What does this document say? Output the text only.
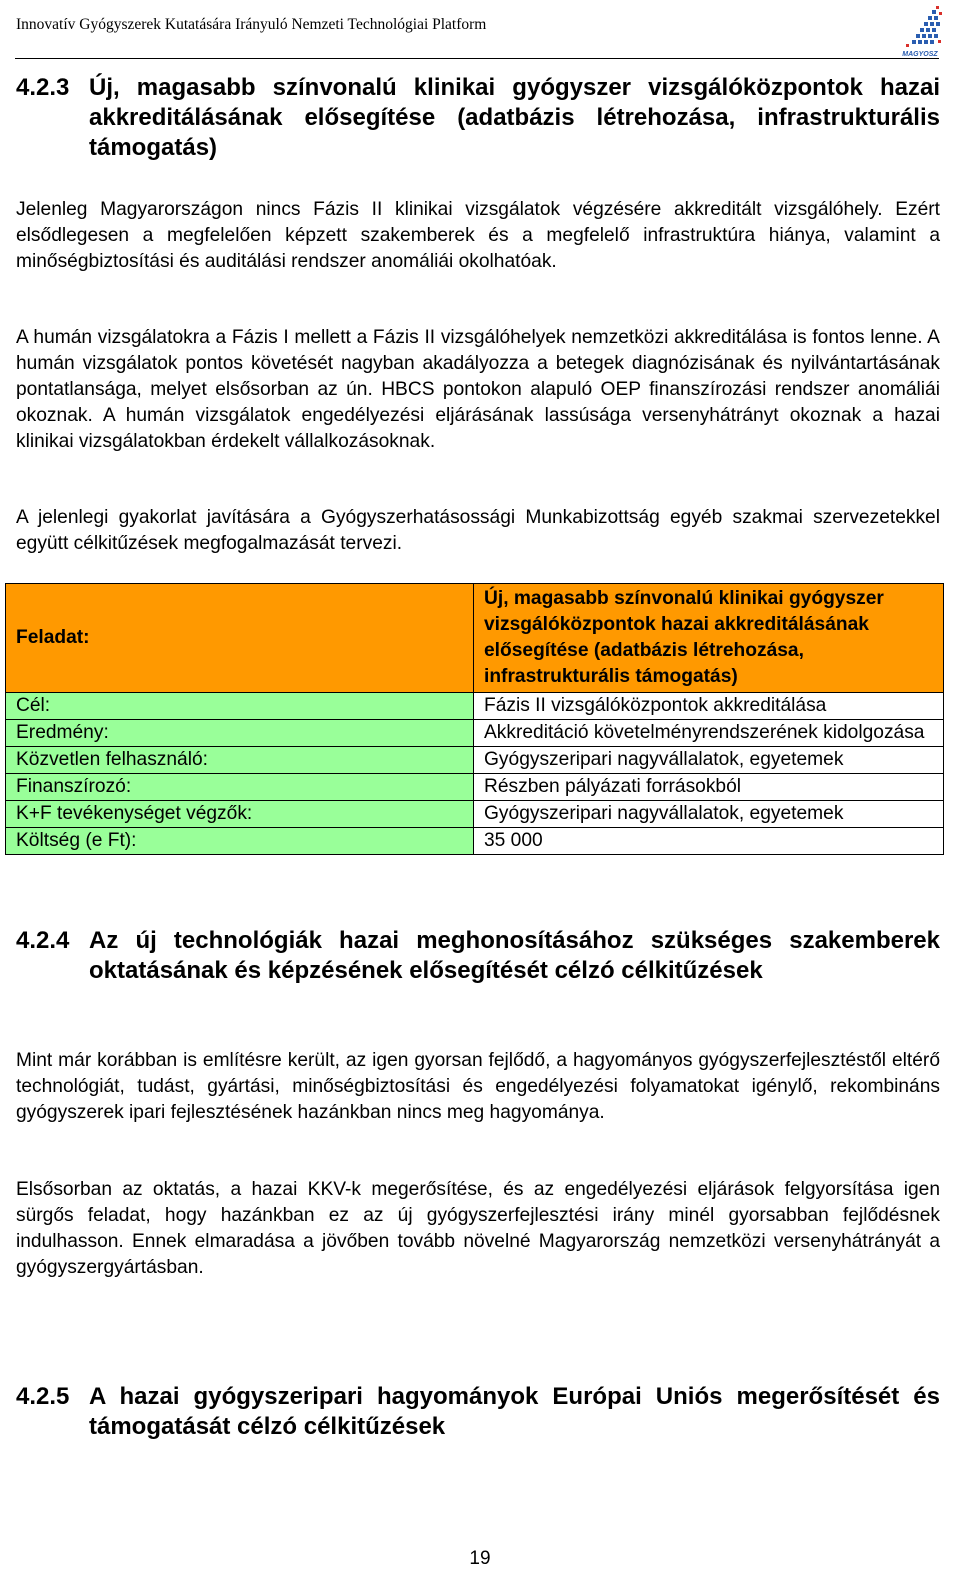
Innovatív Gyógyszerek Kutatására Irányuló Nemzeti Technológiai Platform
MAGYOSZ
4.2.3 Új, magasabb színvonalú klinikai gyógyszer vizsgálóközpontok hazai akkreditálásának elősegítése (adatbázis létrehozása, infrastrukturális támogatás)

Jelenleg Magyarországon nincs Fázis II klinikai vizsgálatok végzésére akkreditált vizsgálóhely. Ezért elsődlegesen a megfelelően képzett szakemberek és a megfelelő infrastruktúra hiánya, valamint a minőségbiztosítási és auditálási rendszer anomáliái okolhatóak.

A humán vizsgálatokra a Fázis I mellett a Fázis II vizsgálóhelyek nemzetközi akkreditálása is fontos lenne. A humán vizsgálatok pontos követését nagyban akadályozza a betegek diagnózisának és nyilvántartásának pontatlansága, melyet elsősorban az ún. HBCS pontokon alapuló OEP finanszírozási rendszer anomáliái okoznak. A humán vizsgálatok engedélyezési eljárásának lassúsága versenyhátrányt okoznak a hazai klinikai vizsgálatokban érdekelt vállalkozásoknak.

A jelenlegi gyakorlat javítására a Gyógyszerhatásossági Munkabizottság egyéb szakmai szervezetekkel együtt célkitűzések megfogalmazását tervezi.

Feladat:	Új, magasabb színvonalú klinikai gyógyszer vizsgálóközpontok hazai akkreditálásának elősegítése (adatbázis létrehozása, infrastrukturális támogatás)
Cél:	Fázis II vizsgálóközpontok akkreditálása
Eredmény:	Akkreditáció követelményrendszerének kidolgozása
Közvetlen felhasználó:	Gyógyszeripari nagyvállalatok, egyetemek
Finanszírozó:	Részben pályázati forrásokból
K+F tevékenységet végzők:	Gyógyszeripari nagyvállalatok, egyetemek
Költség (e Ft):	35 000
4.2.4 Az új technológiák hazai meghonosításához szükséges szakemberek oktatásának és képzésének elősegítését célzó célkitűzések

Mint már korábban is említésre került, az igen gyorsan fejlődő, a hagyományos gyógyszerfejlesztéstől eltérő technológiát, tudást, gyártási, minőségbiztosítási és engedélyezési folyamatokat igénylő, rekombináns gyógyszerek ipari fejlesztésének hazánkban nincs meg hagyománya.

Elsősorban az oktatás, a hazai KKV-k megerősítése, és az engedélyezési eljárások felgyorsítása igen sürgős feladat, hogy hazánkban ez az új gyógyszerfejlesztési irány minél gyorsabban fejlődésnek indulhasson. Ennek elmaradása a jövőben tovább növelné Magyarország nemzetközi versenyhátrányát a gyógyszergyártásban.

4.2.5 A hazai gyógyszeripari hagyományok Európai Uniós megerősítését és támogatását célzó célkitűzések
19
